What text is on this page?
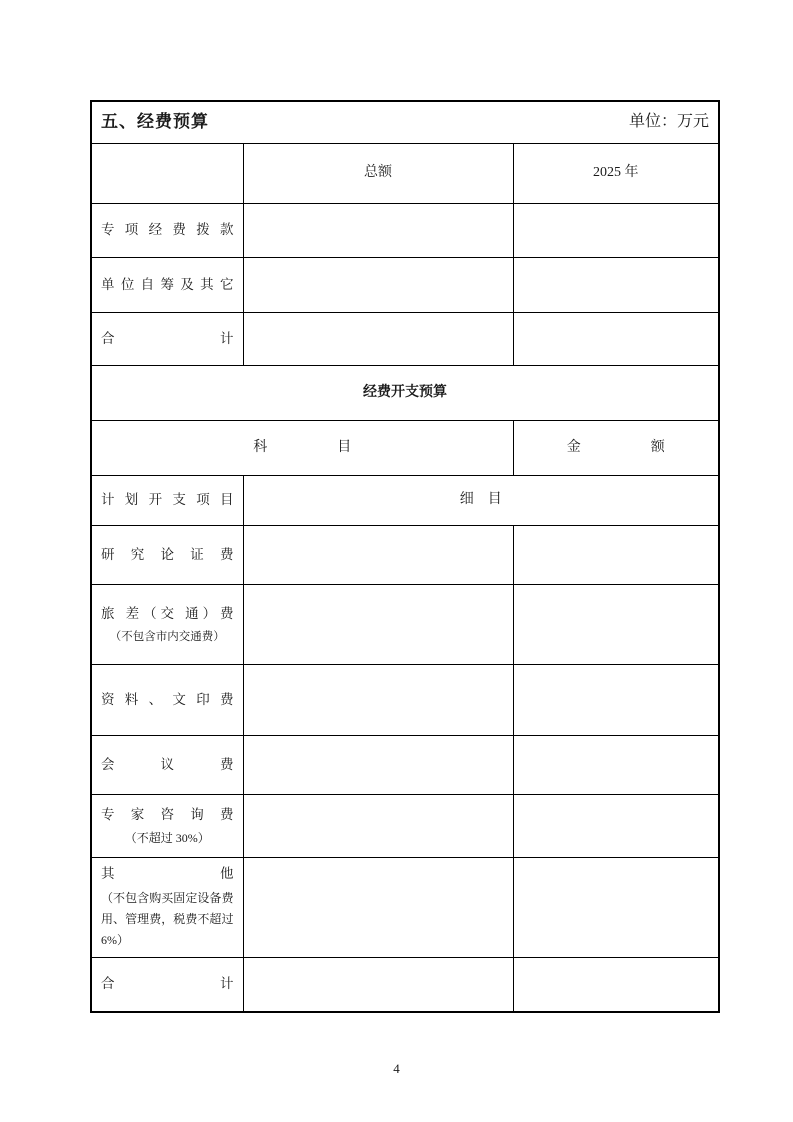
五、经费预算 单位：万元		

	总额	2025 年

专 项 经 费 拨 款		

单 位 自 筹 及 其 它		

合 计		

经费开支预算		
科　　　　　目		金　　　　　额

计 划 开 支 项 目	细　目	

研 究 论 证 费		

旅 差（交 通）费
（不包含市内交通费）		

资 料 、 文 印 费		

会 议 费		

专 家 咨 询 费
（不超过 30%）		

其 他
（不包含购买固定设备费用、管理费，税费不超过 6%）		

合 计		

4
